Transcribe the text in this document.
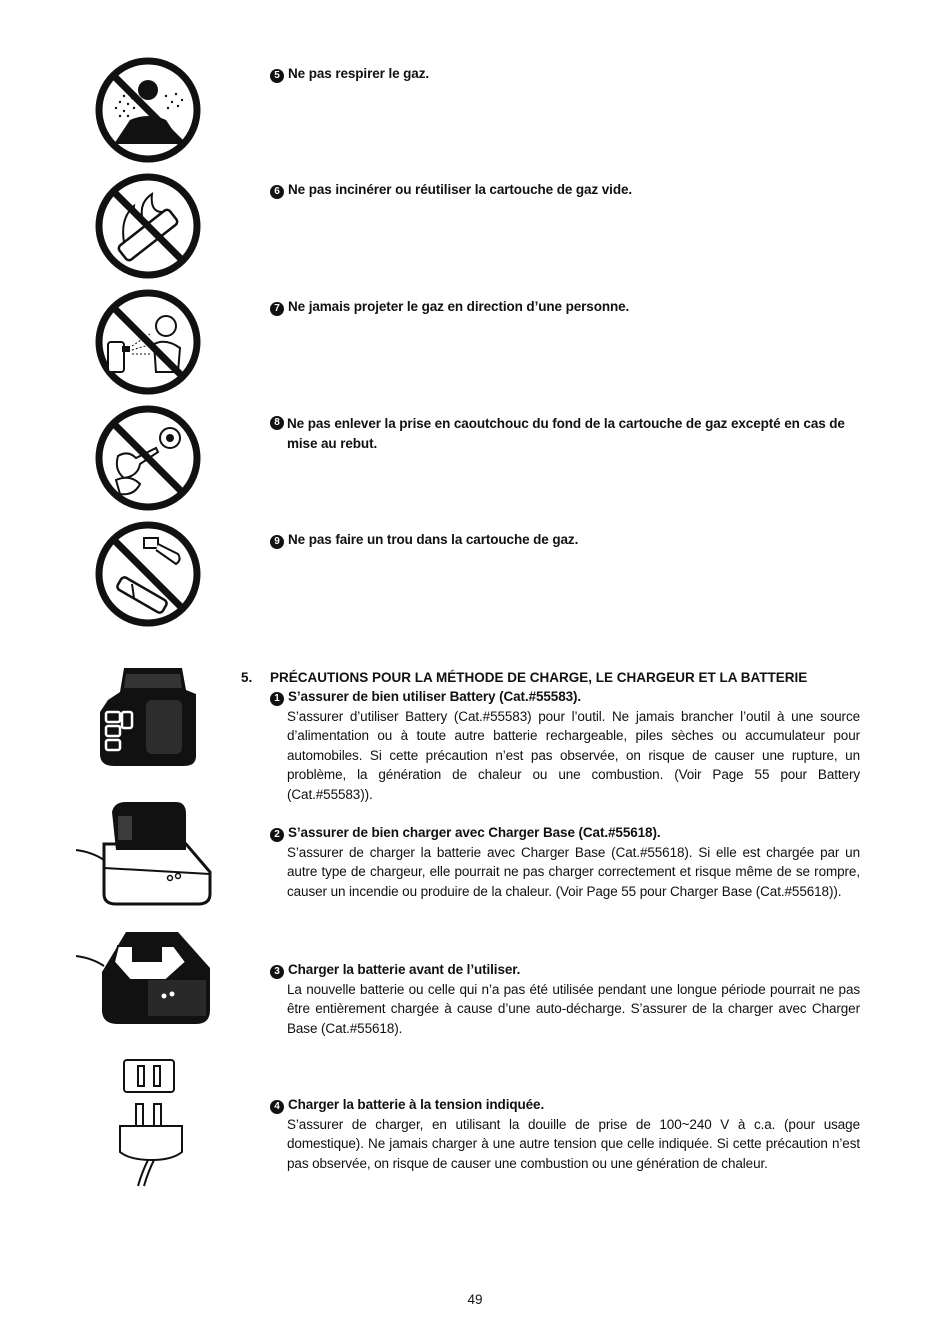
5 Ne pas respirer le gaz.
6 Ne pas incinérer ou réutiliser la cartouche de gaz vide.
7 Ne jamais projeter le gaz en direction d’une personne.
8 Ne pas enlever la prise en caoutchouc du fond de la cartouche de gaz excepté en cas de mise au rebut.
9 Ne pas faire un trou dans la cartouche de gaz.
5. PRÉCAUTIONS POUR LA MÉTHODE DE CHARGE, LE CHARGEUR ET LA BATTERIE
1 S’assurer de bien utiliser Battery (Cat.#55583).
S’assurer d’utiliser Battery (Cat.#55583) pour l’outil. Ne jamais brancher l’outil à une source d’alimentation ou à toute autre batterie rechargeable, piles sèches ou accumulateur pour automobiles. Si cette précaution n’est pas observée, on risque de causer une rupture, un problème, la génération de chaleur ou une combustion. (Voir Page 55 pour Battery (Cat.#55583)).
2 S’assurer de bien charger avec Charger Base (Cat.#55618).
S’assurer de charger la batterie avec Charger Base (Cat.#55618). Si elle est chargée par un autre type de chargeur, elle pourrait ne pas charger correctement et risque même de se rompre, causer un incendie ou produire de la chaleur. (Voir Page 55 pour Charger Base (Cat.#55618)).
3 Charger la batterie avant de l’utiliser.
La nouvelle batterie ou celle qui n’a pas été utilisée pendant une longue période pourrait ne pas être entièrement chargée à cause d’une auto-décharge. S’assurer de la charger avec Charger Base (Cat.#55618).
4 Charger la batterie à la tension indiquée.
S’assurer de charger, en utilisant la douille de prise de 100~240 V à c.a. (pour usage domestique). Ne jamais charger à une autre tension que celle indiquée. Si cette précaution n’est pas observée, on risque de causer une combustion ou une génération de chaleur.
49
